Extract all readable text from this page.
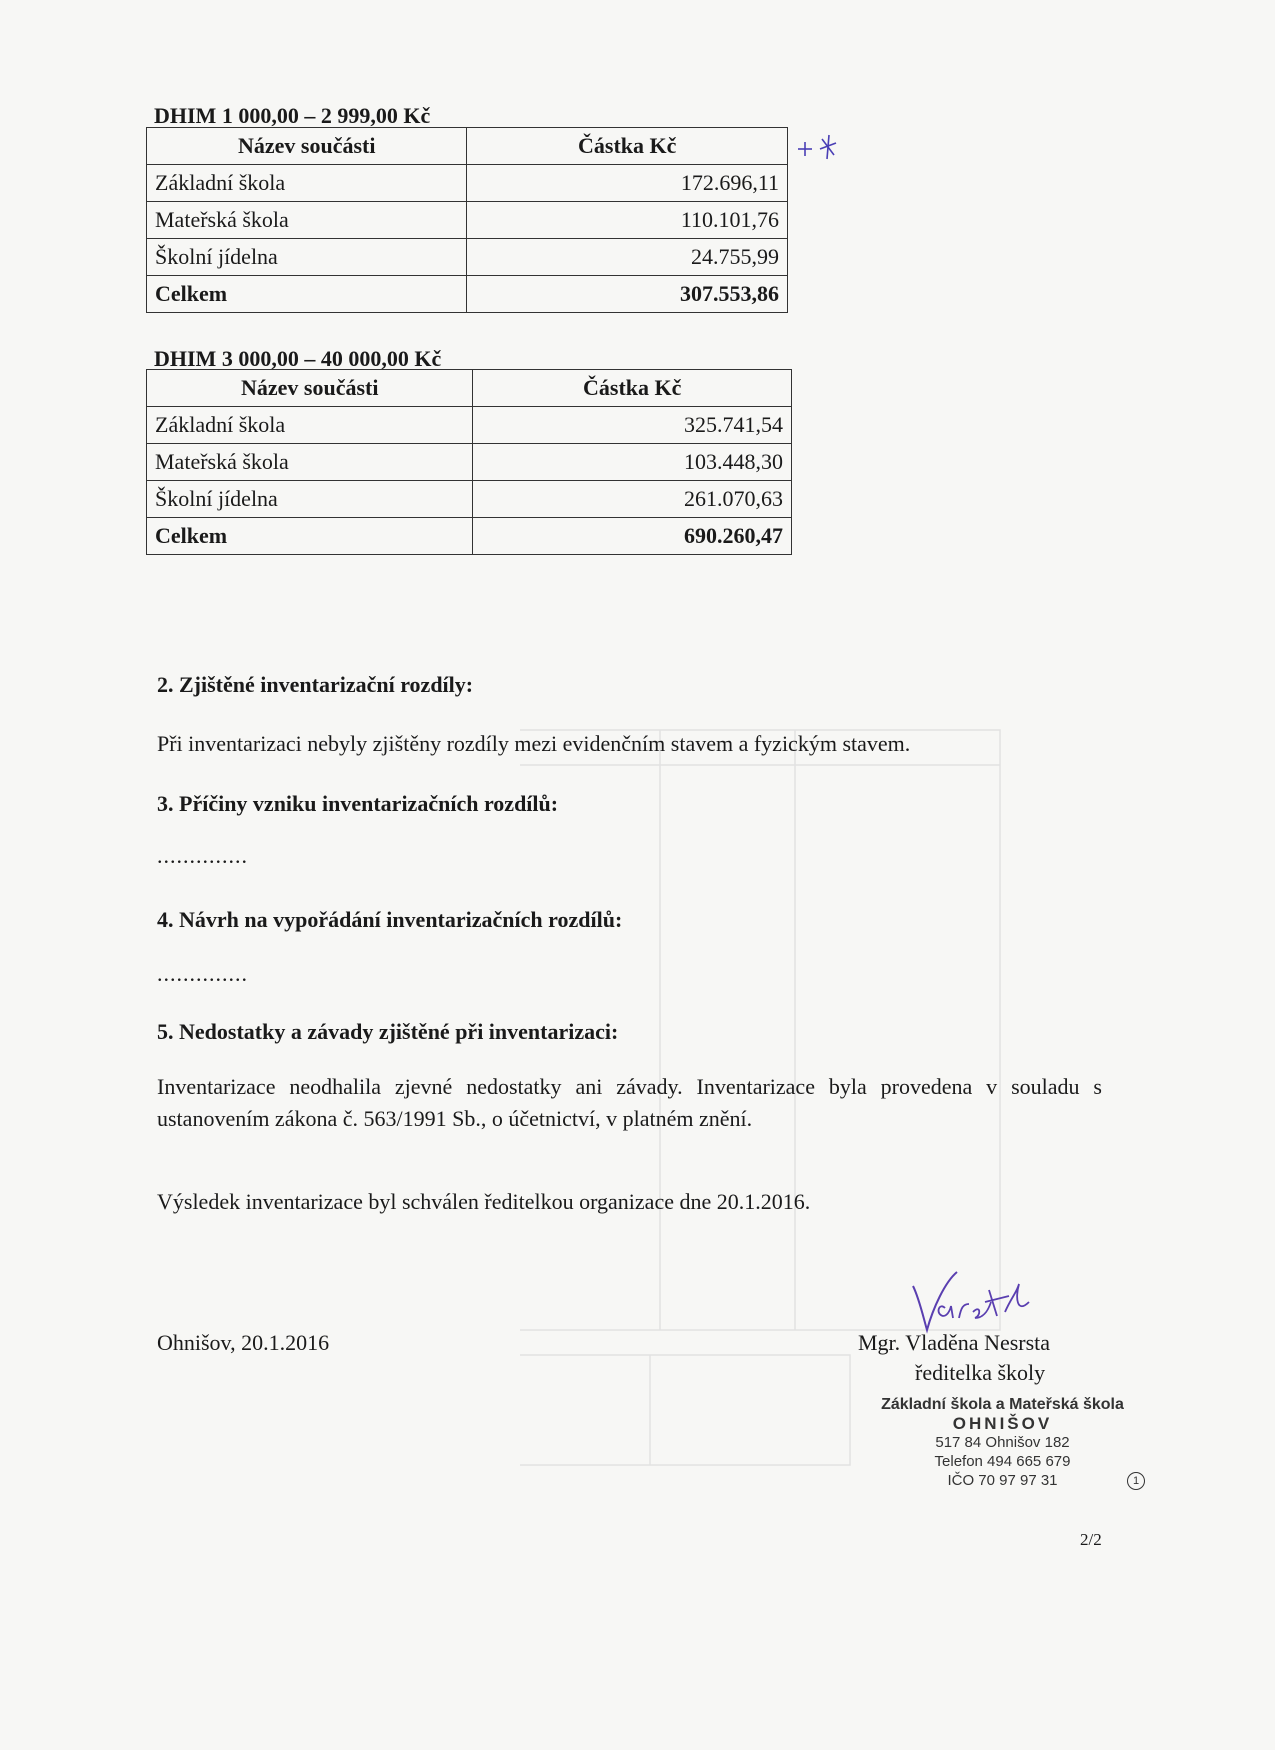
DHIM 1 000,00 – 2 999,00 Kč
Název součásti	Částka Kč
Základní škola	172.696,11
Mateřská škola	110.101,76
Školní jídelna	24.755,99
Celkem	307.553,86
DHIM 3 000,00 – 40 000,00 Kč
Název součásti	Částka Kč
Základní škola	325.741,54
Mateřská škola	103.448,30
Školní jídelna	261.070,63
Celkem	690.260,47
2. Zjištěné inventarizační rozdíly:
Při inventarizaci nebyly zjištěny rozdíly mezi evidenčním stavem a fyzickým stavem.
3. Příčiny vzniku inventarizačních rozdílů:
..............
4. Návrh na vypořádání inventarizačních rozdílů:
..............
5. Nedostatky a závady zjištěné při inventarizaci:
Inventarizace neodhalila zjevné nedostatky ani závady. Inventarizace byla provedena v souladu s ustanovením zákona č. 563/1991 Sb., o účetnictví, v platném znění.
Výsledek inventarizace byl schválen ředitelkou organizace dne 20.1.2016.
Ohnišov, 20.1.2016	Mgr. Vladěna Nesrsta
ředitelka školy
Základní škola a Mateřská škola
OHNIŠOV
517 84 Ohnišov 182
Telefon 494 665 679
IČO 70 97 97 31	1
2/2
